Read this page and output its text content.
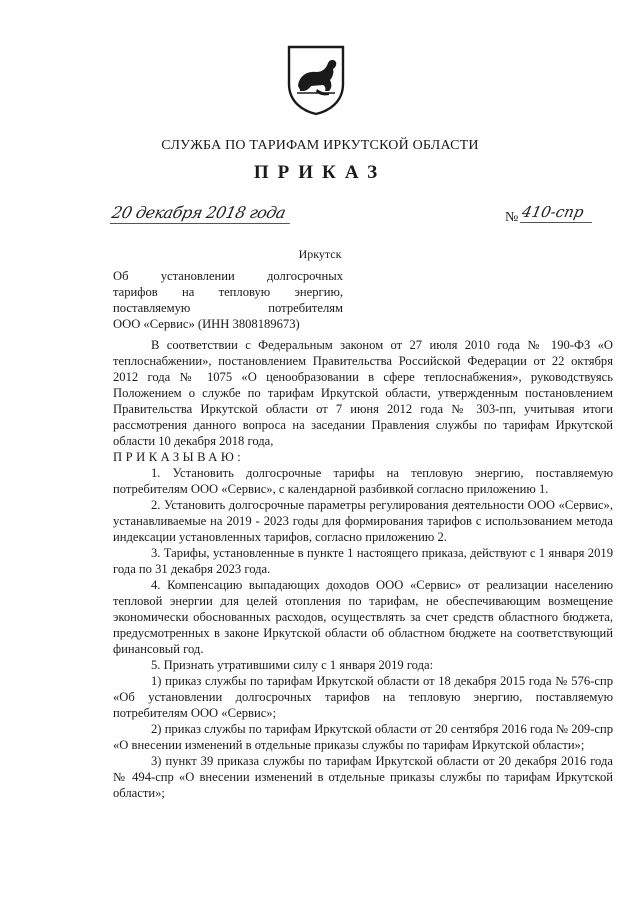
СЛУЖБА ПО ТАРИФАМ ИРКУТСКОЙ ОБЛАСТИ
ПРИКАЗ
20 декабря 2018 года	№ 410-спр
Иркутск
Об установлении долгосрочных
тарифов на тепловую энергию,
поставляемую потребителям
ООО «Сервис» (ИНН 3808189673)

В соответствии с Федеральным законом от 27 июля 2010 года № 190-ФЗ «О теплоснабжении», постановлением Правительства Российской Федерации от 22 октября 2012 года № 1075 «О ценообразовании в сфере теплоснабжения», руководствуясь Положением о службе по тарифам Иркутской области, утвержденным постановлением Правительства Иркутской области от 7 июня 2012 года № 303-пп, учитывая итоги рассмотрения данного вопроса на заседании Правления службы по тарифам Иркутской области 10 декабря 2018 года,

ПРИКАЗЫВАЮ:

1. Установить долгосрочные тарифы на тепловую энергию, поставляемую потребителям ООО «Сервис», с календарной разбивкой согласно приложению 1.

2. Установить долгосрочные параметры регулирования деятельности ООО «Сервис», устанавливаемые на 2019 - 2023 годы для формирования тарифов с использованием метода индексации установленных тарифов, согласно приложению 2.

3. Тарифы, установленные в пункте 1 настоящего приказа, действуют с 1 января 2019 года по 31 декабря 2023 года.

4. Компенсацию выпадающих доходов ООО «Сервис» от реализации населению тепловой энергии для целей отопления по тарифам, не обеспечивающим возмещение экономически обоснованных расходов, осуществлять за счет средств областного бюджета, предусмотренных в законе Иркутской области об областном бюджете на соответствующий финансовый год.

5. Признать утратившими силу с 1 января 2019 года:

1) приказ службы по тарифам Иркутской области от 18 декабря 2015 года № 576-спр «Об установлении долгосрочных тарифов на тепловую энергию, поставляемую потребителям ООО «Сервис»;

2) приказ службы по тарифам Иркутской области от 20 сентября 2016 года № 209-спр «О внесении изменений в отдельные приказы службы по тарифам Иркутской области»;

3) пункт 39 приказа службы по тарифам Иркутской области от 20 декабря 2016 года № 494-спр «О внесении изменений в отдельные приказы службы по тарифам Иркутской области»;
